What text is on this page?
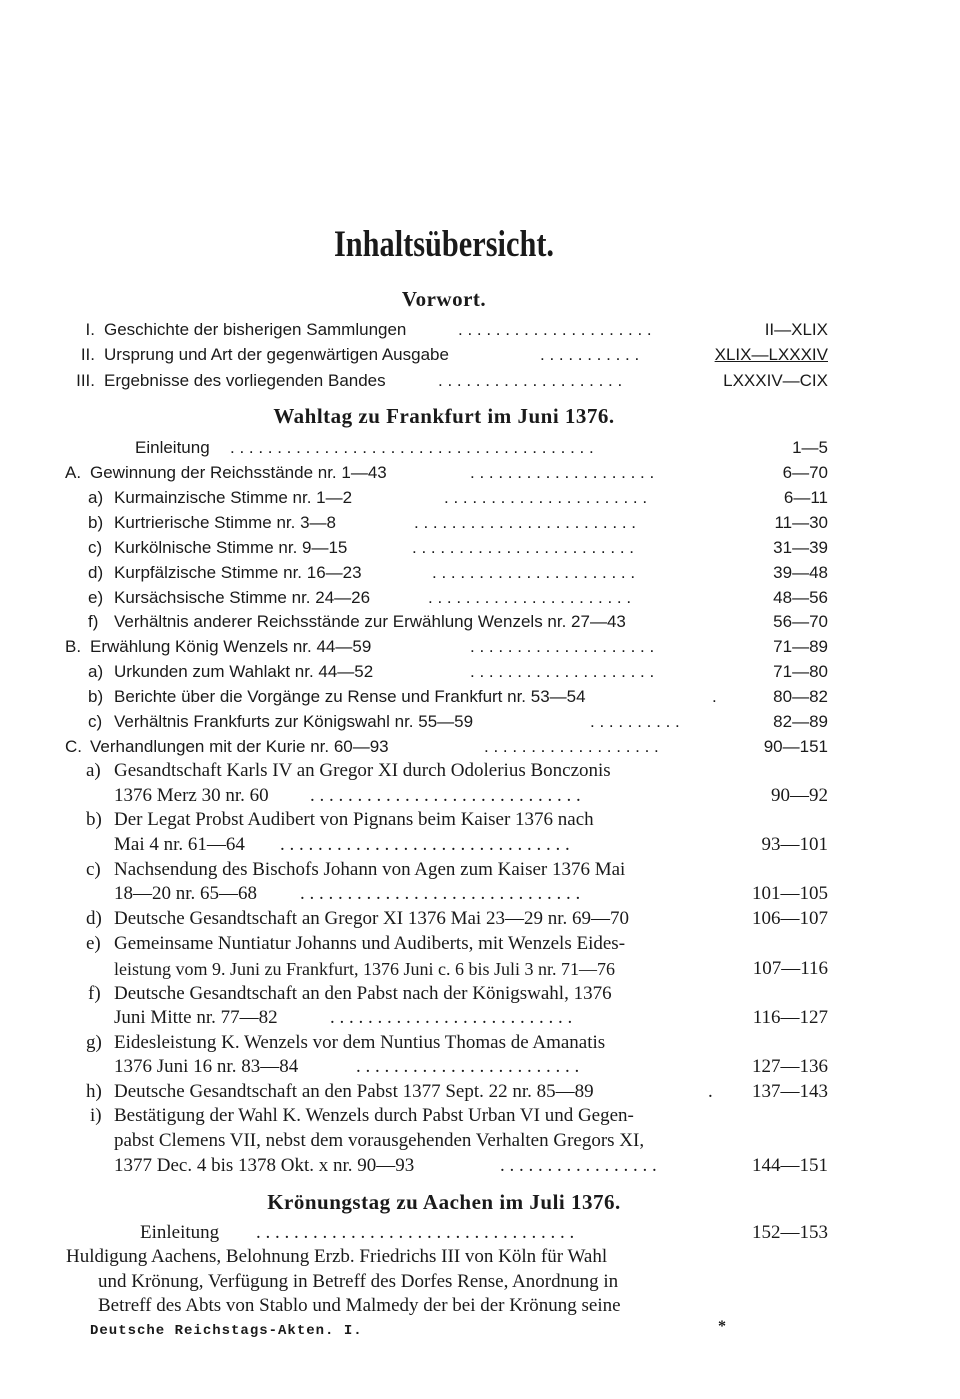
Inhaltsübersicht.
Vorwort.
I. Geschichte der bisherigen Sammlungen	. . . . . . . . . . . . . . . . . . . . .	II—XLIX
II. Ursprung und Art der gegenwärtigen Ausgabe	. . . . . . . . . . .	XLIX—LXXXIV
III. Ergebnisse des vorliegenden Bandes	. . . . . . . . . . . . . . . . . . . .	LXXXIV—CIX
Wahltag zu Frankfurt im Juni 1376.
Einleitung . . . . . . . . . . . . . . . . . . . . . . . . . . . . . . . . . . . . . . .	1—5
A. Gewinnung der Reichsstände nr. 1—43	. . . . . . . . . . . . . . . . . . . .	6—70
a) Kurmainzische Stimme nr. 1—2	. . . . . . . . . . . . . . . . . . . . . .	6—11
b) Kurtrierische Stimme nr. 3—8	. . . . . . . . . . . . . . . . . . . . . . . .	11—30
c) Kurkölnische Stimme nr. 9—15	. . . . . . . . . . . . . . . . . . . . . . . .	31—39
d) Kurpfälzische Stimme nr. 16—23	. . . . . . . . . . . . . . . . . . . . . .	39—48
e) Kursächsische Stimme nr. 24—26	. . . . . . . . . . . . . . . . . . . . . .	48—56
f) Verhältnis anderer Reichsstände zur Erwählung Wenzels nr. 27—43	56—70
B. Erwählung König Wenzels nr. 44—59	. . . . . . . . . . . . . . . . . . . .	71—89
a) Urkunden zum Wahlakt nr. 44—52	. . . . . . . . . . . . . . . . . . . .	71—80
b) Berichte über die Vorgänge zu Rense und Frankfurt nr. 53—54	.	80—82
c) Verhältnis Frankfurts zur Königswahl nr. 55—59	. . . . . . . . . .	82—89
C. Verhandlungen mit der Kurie nr. 60—93	. . . . . . . . . . . . . . . . . . .	90—151
a) Gesandtschaft Karls IV an Gregor XI durch Odolerius Bonczonis
1376 Merz 30 nr. 60 . . . . . . . . . . . . . . . . . . . . . . . . . . . . .	90—92
b) Der Legat Probst Audibert von Pignans beim Kaiser 1376 nach
Mai 4 nr. 61—64 . . . . . . . . . . . . . . . . . . . . . . . . . . . . . . .	93—101
c) Nachsendung des Bischofs Johann von Agen zum Kaiser 1376 Mai
18—20 nr. 65—68 . . . . . . . . . . . . . . . . . . . . . . . . . . . . . .	101—105
d) Deutsche Gesandtschaft an Gregor XI 1376 Mai 23—29 nr. 69—70	106—107
e) Gemeinsame Nuntiatur Johanns und Audiberts, mit Wenzels Eides-
leistung vom 9. Juni zu Frankfurt, 1376 Juni c. 6 bis Juli 3 nr. 71—76	107—116
f) Deutsche Gesandtschaft an den Pabst nach der Königswahl, 1376
Juni Mitte nr. 77—82	. . . . . . . . . . . . . . . . . . . . . . . . . .	116—127
g) Eidesleistung K. Wenzels vor dem Nuntius Thomas de Amanatis
1376 Juni 16 nr. 83—84	. . . . . . . . . . . . . . . . . . . . . . . .	127—136
h) Deutsche Gesandtschaft an den Pabst 1377 Sept. 22 nr. 85—89	.	137—143
i) Bestätigung der Wahl K. Wenzels durch Pabst Urban VI und Gegen-
pabst Clemens VII, nebst dem vorausgehenden Verhalten Gregors XI,
1377 Dec. 4 bis 1378 Okt. x nr. 90—93	. . . . . . . . . . . . . . . . .	144—151
Krönungstag zu Aachen im Juli 1376.
Einleitung . . . . . . . . . . . . . . . . . . . . . . . . . . . . . . . . . .	152—153
Huldigung Aachens, Belohnung Erzb. Friedrichs III von Köln für Wahl
und Krönung, Verfügung in Betreff des Dorfes Rense, Anordnung in
Betreff des Abts von Stablo und Malmedy der bei der Krönung seine
Deutsche Reichstags-Akten. I.	*
